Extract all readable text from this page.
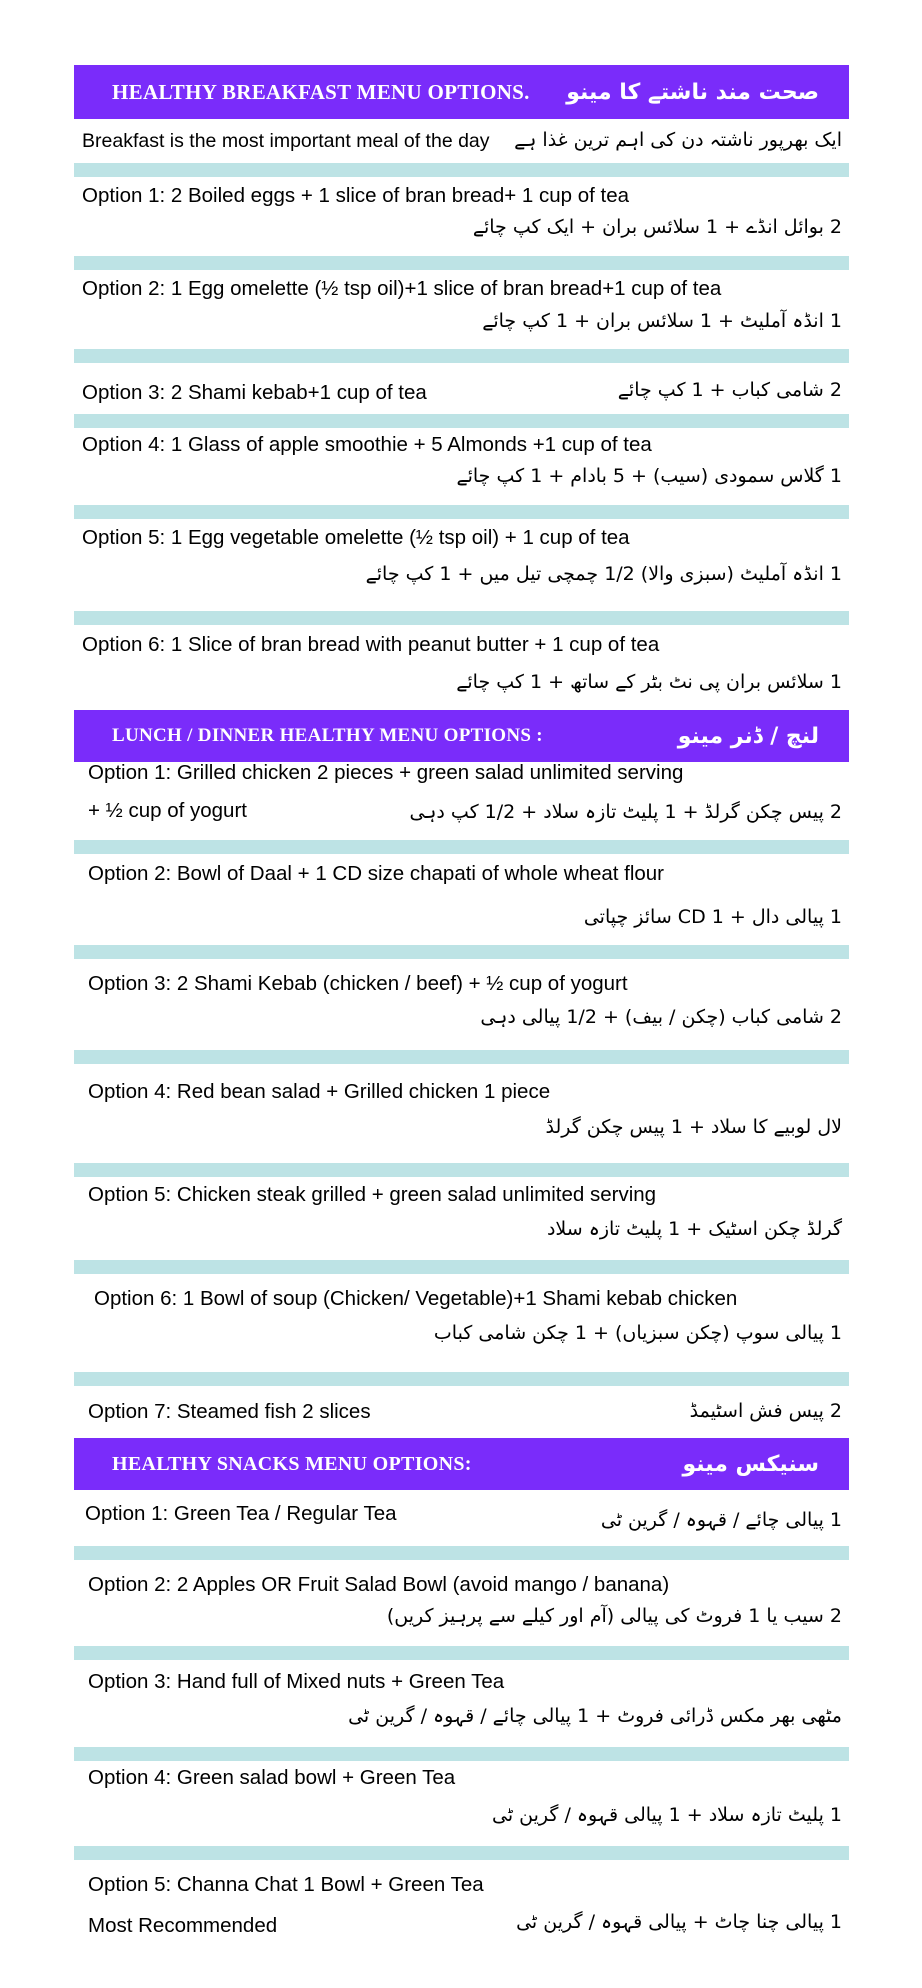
HEALTHY BREAKFAST MENU OPTIONS. صحت مند ناشتے کا مینو
Breakfast is the most important meal of the day ایک بھرپور ناشتہ دن کی اہم ترین غذا ہے
Option 1: 2 Boiled eggs + 1 slice of bran bread+ 1 cup of tea
2 بوائل انڈے + 1 سلائس بران + ایک کپ چائے
Option 2: 1 Egg omelette (½ tsp oil)+1 slice of bran bread+1 cup of tea
1 انڈہ آملیٹ + 1 سلائس بران + 1 کپ چائے
Option 3: 2 Shami kebab+1 cup of tea	2 شامی کباب + 1 کپ چائے
Option 4: 1 Glass of apple smoothie + 5 Almonds +1 cup of tea
1 گلاس سمودی (سیب) + 5 بادام + 1 کپ چائے
Option 5: 1 Egg vegetable omelette (½ tsp oil) + 1 cup of tea
1 انڈہ آملیٹ (سبزی والا) 1/2 چمچی تیل میں + 1 کپ چائے
Option 6: 1 Slice of bran bread with peanut butter + 1 cup of tea
1 سلائس بران پی نٹ بٹر کے ساتھ + 1 کپ چائے
LUNCH / DINNER HEALTHY MENU OPTIONS :	لنچ / ڈنر مینو
Option 1: Grilled chicken 2 pieces + green salad unlimited serving
+ ½ cup of yogurt	2 پیس چکن گرلڈ + 1 پلیٹ تازہ سلاد + 1/2 کپ دہی
Option 2: Bowl of Daal + 1 CD size chapati of whole wheat flour
1 پیالی دال + 1 CD سائز چپاتی
Option 3: 2 Shami Kebab (chicken / beef) + ½ cup of yogurt
2 شامی کباب (چکن / بیف) + 1/2 پیالی دہی
Option 4: Red bean salad + Grilled chicken 1 piece
لال لوبیے کا سلاد + 1 پیس چکن گرلڈ
Option 5: Chicken steak grilled + green salad unlimited serving
گرلڈ چکن اسٹیک + 1 پلیٹ تازہ سلاد
Option 6: 1 Bowl of soup (Chicken/ Vegetable)+1 Shami kebab chicken
1 پیالی سوپ (چکن سبزیاں) + 1 چکن شامی کباب
Option 7: Steamed fish 2 slices	2 پیس فش اسٹیمڈ
HEALTHY SNACKS MENU OPTIONS:	سنیکس مینو
Option 1: Green Tea / Regular Tea	1 پیالی چائے / قہوہ / گرین ٹی
Option 2: 2 Apples OR Fruit Salad Bowl (avoid mango / banana)
2 سیب یا 1 فروٹ کی پیالی (آم اور کیلے سے پرہیز کریں)
Option 3: Hand full of Mixed nuts + Green Tea
مٹھی بھر مکس ڈرائی فروٹ + 1 پیالی چائے / قہوہ / گرین ٹی
Option 4: Green salad bowl + Green Tea
1 پلیٹ تازہ سلاد + 1 پیالی قہوہ / گرین ٹی
Option 5: Channa Chat 1 Bowl + Green Tea
Most Recommended	1 پیالی چنا چاٹ + پیالی قہوہ / گرین ٹی
